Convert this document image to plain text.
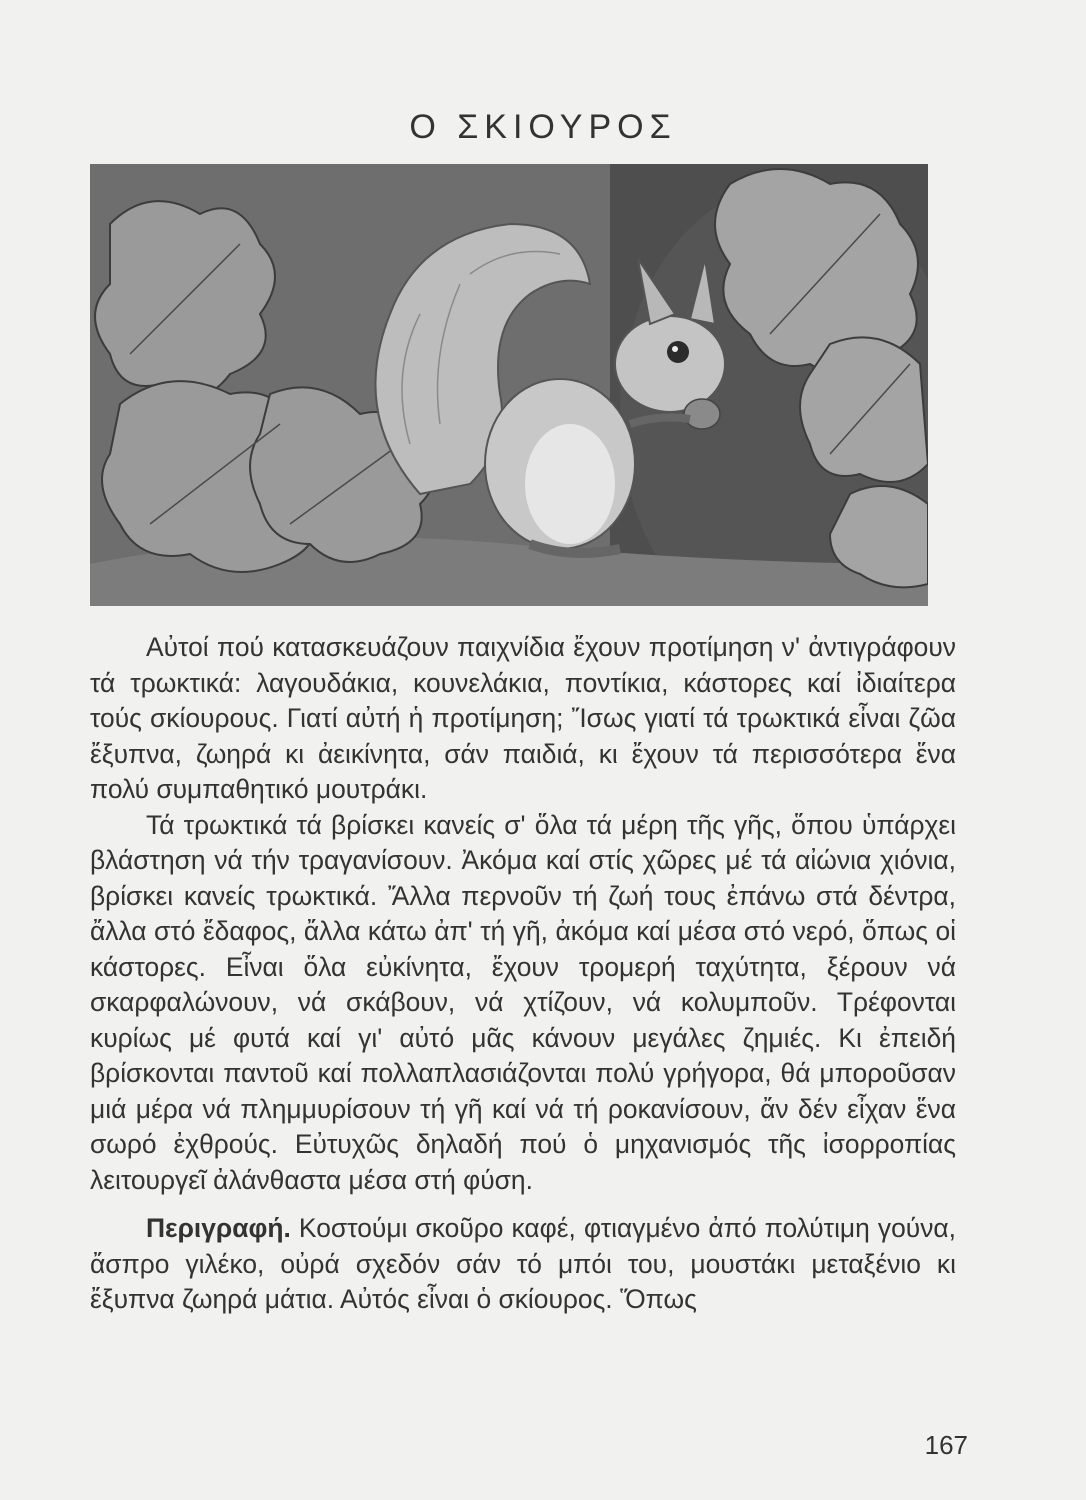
Ο ΣΚΙΟΥΡΟΣ

Αὐτοί πού κατασκευάζουν παιχνίδια ἔχουν προτίμηση ν' ἀντιγράφουν τά τρωκτικά: λαγουδάκια, κουνελάκια, ποντίκια, κάστορες καί ἰδιαίτερα τούς σκίουρους. Γιατί αὐτή ἡ προτίμηση; Ἴσως γιατί τά τρωκτικά εἶναι ζῶα ἔξυπνα, ζωηρά κι ἀεικίνητα, σάν παιδιά, κι ἔχουν τά περισσότερα ἕνα πολύ συμπαθητικό μουτράκι.

Τά τρωκτικά τά βρίσκει κανείς σ' ὅλα τά μέρη τῆς γῆς, ὅπου ὑπάρχει βλάστηση νά τήν τραγανίσουν. Ἀκόμα καί στίς χῶρες μέ τά αἰώνια χιόνια, βρίσκει κανείς τρωκτικά. Ἄλλα περνοῦν τή ζωή τους ἐπάνω στά δέντρα, ἄλλα στό ἔδαφος, ἄλλα κάτω ἀπ' τή γῆ, ἀκόμα καί μέσα στό νερό, ὅπως οἱ κάστορες. Εἶναι ὅλα εὐκίνητα, ἔχουν τρομερή ταχύτητα, ξέρουν νά σκαρφαλώνουν, νά σκάβουν, νά χτίζουν, νά κολυμποῦν. Τρέφονται κυρίως μέ φυτά καί γι' αὐτό μᾶς κάνουν μεγάλες ζημιές. Κι ἐπειδή βρίσκονται παντοῦ καί πολλαπλασιάζονται πολύ γρήγορα, θά μποροῦσαν μιά μέρα νά πλημμυρίσουν τή γῆ καί νά τή ροκανίσουν, ἄν δέν εἶχαν ἕνα σωρό ἐχθρούς. Εὐτυχῶς δηλαδή πού ὁ μηχανισμός τῆς ἰσορροπίας λειτουργεῖ ἀλάνθαστα μέσα στή φύση.

Περιγραφή. Κοστούμι σκοῦρο καφέ, φτιαγμένο ἀπό πολύτιμη γούνα, ἄσπρο γιλέκο, οὐρά σχεδόν σάν τό μπόι του, μουστάκι μεταξένιο κι ἔξυπνα ζωηρά μάτια. Αὐτός εἶναι ὁ σκίουρος. Ὅπως

167
